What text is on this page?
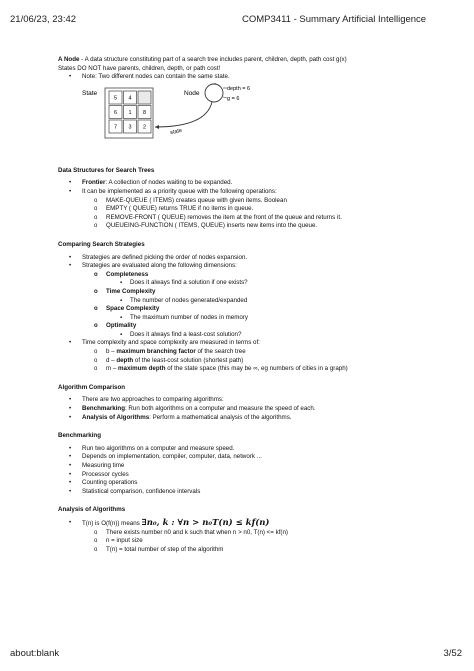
21/06/23, 23:42	COMP3411 - Summary Artificial Intelligence

A Node - A data structure constituting part of a search tree includes parent, children, depth, path cost g(x)

States DO NOT have parents, children, depth, or path cost!

• Note: Two different nodes can contain the same state.
State
5 4
6 1 8
7 3 2
Node
depth = 6
g = 6
state
Data Structures for Search Trees
• Frontier: A collection of nodes waiting to be expanded.
• It can be implemented as a priority queue with the following operations:
o MAKE-QUEUE ( ITEMS) creates queue with given items. Boolean
o EMPTY ( QUEUE) returns TRUE if no items in queue.
o REMOVE-FRONT ( QUEUE) removes the item at the front of the queue and returns it.
o QUEUEING-FUNCTION ( ITEMS, QUEUE) inserts new items into the queue.
Comparing Search Strategies
• Strategies are defined picking the order of nodes expansion.
• Strategies are evaluated along the following dimensions:
o Completeness
▪ Does it always find a solution if one exists?
o Time Complexity
▪ The number of nodes generated/expanded
o Space Complexity
▪ The maximum number of nodes in memory
o Optimality
▪ Does it always find a least-cost solution?
• Time complexity and space complexity are measured in terms of:
o b – maximum branching factor of the search tree
o d – depth of the least-cost solution (shortest path)
o m – maximum depth of the state space (this may be ∞, eg numbers of cities in a graph)
Algorithm Comparison
• There are two approaches to comparing algorithms:
• Benchmarking: Run both algorithms on a computer and measure the speed of each.
• Analysis of Algorithms: Perform a mathematical analysis of the algorithms.
Benchmarking
• Run two algorithms on a computer and measure speed.
• Depends on implementation, compiler, computer, data, network ...
• Measuring time
• Processor cycles
• Counting operations
• Statistical comparison, confidence intervals
Analysis of Algorithms
• T(n) is O(f(n)) means ∃n₀, k : ∀n > n₀T(n) ≤ kf(n)
o There exists number n0 and k such that when n > n0, T(n) <= kf(n)
o n = input size
o T(n) = total number of step of the algorithm
about:blank	3/52
